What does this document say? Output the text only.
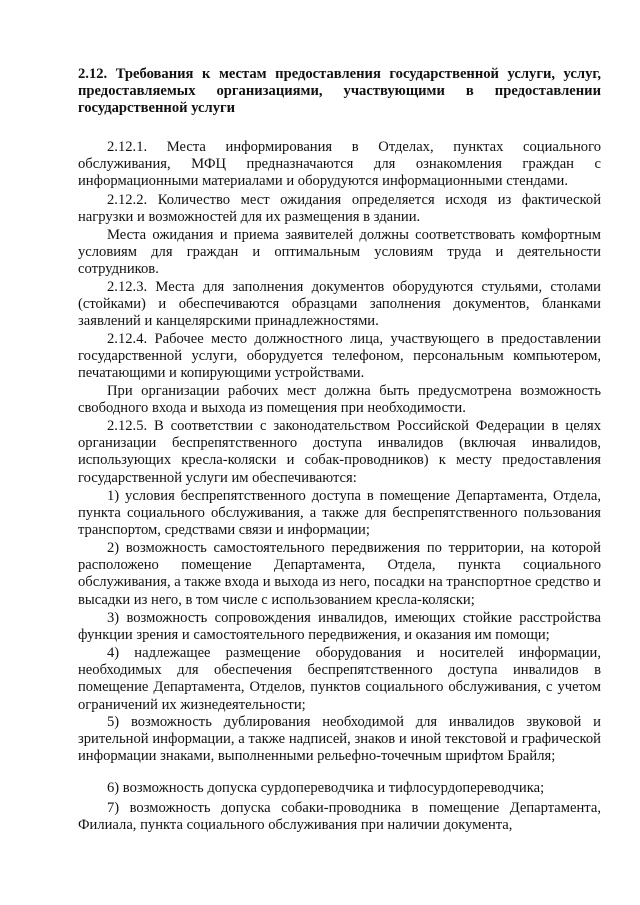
2.12. Требования к местам предоставления государственной услуги, услуг, предоставляемых организациями, участвующими в предоставлении государственной услуги

2.12.1. Места информирования в Отделах, пунктах социального обслуживания, МФЦ предназначаются для ознакомления граждан с информационными материалами и оборудуются информационными стендами.

2.12.2. Количество мест ожидания определяется исходя из фактической нагрузки и возможностей для их размещения в здании.

Места ожидания и приема заявителей должны соответствовать комфортным условиям для граждан и оптимальным условиям труда и деятельности сотрудников.

2.12.3. Места для заполнения документов оборудуются стульями, столами (стойками) и обеспечиваются образцами заполнения документов, бланками заявлений и канцелярскими принадлежностями.

2.12.4. Рабочее место должностного лица, участвующего в предоставлении государственной услуги, оборудуется телефоном, персональным компьютером, печатающими и копирующими устройствами.

При организации рабочих мест должна быть предусмотрена возможность свободного входа и выхода из помещения при необходимости.

2.12.5. В соответствии с законодательством Российской Федерации в целях организации беспрепятственного доступа инвалидов (включая инвалидов, использующих кресла-коляски и собак-проводников) к месту предоставления государственной услуги им обеспечиваются:

1) условия беспрепятственного доступа в помещение Департамента, Отдела, пункта социального обслуживания, а также для беспрепятственного пользования транспортом, средствами связи и информации;

2) возможность самостоятельного передвижения по территории, на которой расположено помещение Департамента, Отдела, пункта социального обслуживания, а также входа и выхода из него, посадки на транспортное средство и высадки из него, в том числе с использованием кресла-коляски;

3) возможность сопровождения инвалидов, имеющих стойкие расстройства функции зрения и самостоятельного передвижения, и оказания им помощи;

4) надлежащее размещение оборудования и носителей информации, необходимых для обеспечения беспрепятственного доступа инвалидов в помещение Департамента, Отделов, пунктов социального обслуживания, с учетом ограничений их жизнедеятельности;

5) возможность дублирования необходимой для инвалидов звуковой и зрительной информации, а также надписей, знаков и иной текстовой и графической информации знаками, выполненными рельефно-точечным шрифтом Брайля;

6) возможность допуска сурдопереводчика и тифлосурдопереводчика;

7) возможность допуска собаки-проводника в помещение Департамента, Филиала, пункта социального обслуживания при наличии документа,
